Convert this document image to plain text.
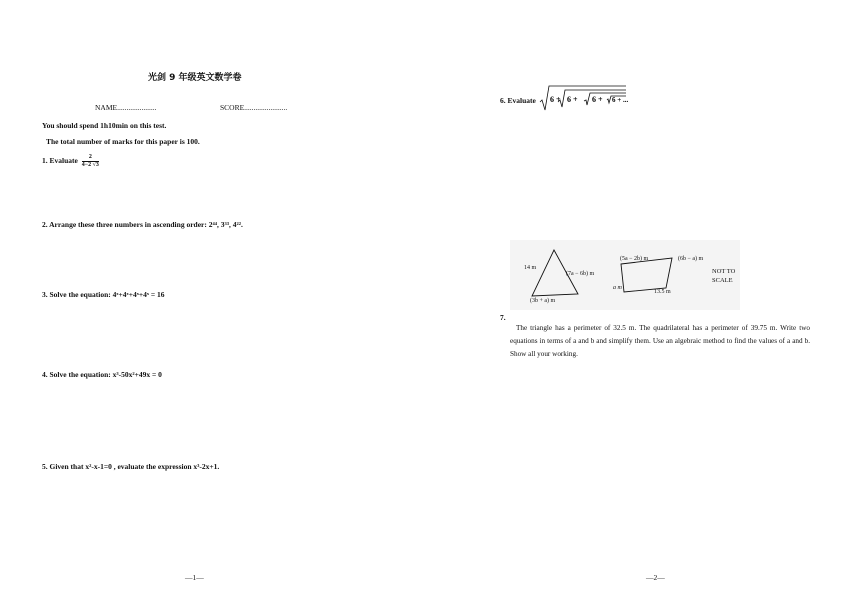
光剑 9 年级英文数学卷
NAME.....................	SCORE.......................
You should spend 1h10min on this test.
The total number of marks for this paper is 100.
1. Evaluate $\frac{2}{4-2 √3}$
2. Arrange these three numbers in ascending order: 2⁴⁴, 3³³, 4²².
3. Solve the equation: 4ˣ+4ˣ+4ˣ+4ˣ = 16
4. Solve the equation: x³-50x²+49x = 0
5. Given that x²-x-1=0 , evaluate the expression x³-2x+1.
—1—
6. Evaluate 6 + 6 + 6 + 6 + ...
14 m
(7a − 6b) m
(3b + a) m
(5a − 2b) m	(6b − a) m
a m
13.5 m
NOT TO
SCALE
7.
The triangle has a perimeter of 32.5 m. The quadrilateral has a perimeter of 39.75 m. Write two equations in terms of a and b and simplify them. Use an algebraic method to find the values of a and b. Show all your working.
—2—
